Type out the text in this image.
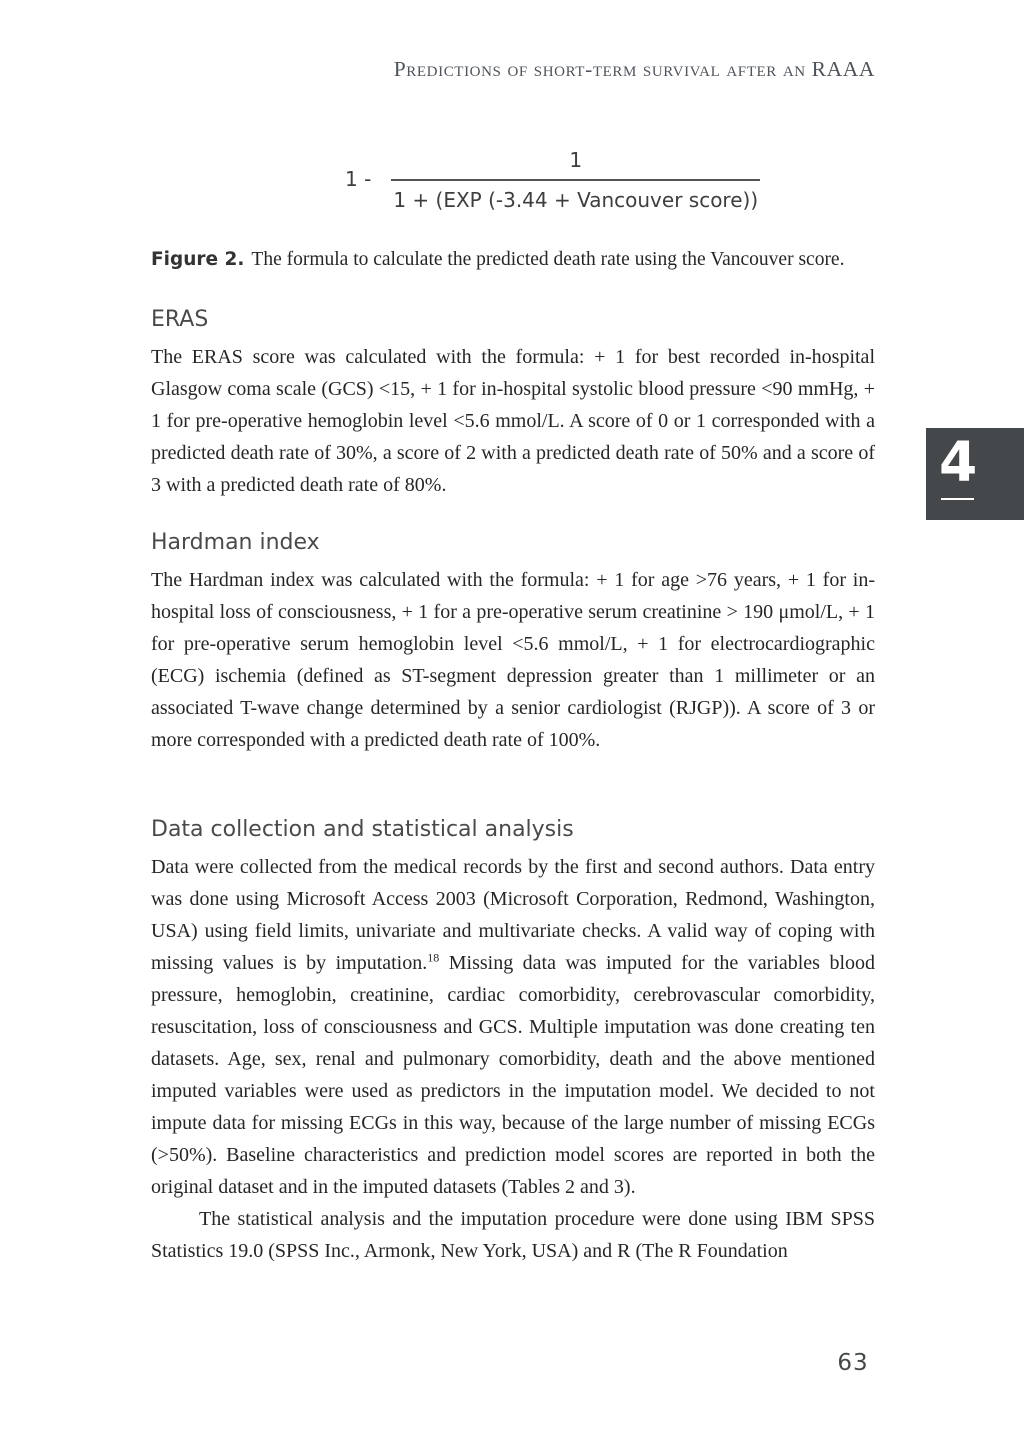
Predictions of short-term survival after an RAAA
$1 - \frac{1}{\text{1 + (EXP (-3.44 + Vancouver score))}}$
Figure 2. The formula to calculate the predicted death rate using the Vancouver score.
ERAS

The ERAS score was calculated with the formula: + 1 for best recorded in-hospital Glasgow coma scale (GCS) <15, + 1 for in-hospital systolic blood pressure <90 mmHg, + 1 for pre-operative hemoglobin level <5.6 mmol/L. A score of 0 or 1 corresponded with a predicted death rate of 30%, a score of 2 with a predicted death rate of 50% and a score of 3 with a predicted death rate of 80%.

Hardman index

The Hardman index was calculated with the formula: + 1 for age >76 years, + 1 for in-hospital loss of consciousness, + 1 for a pre-operative serum creatinine > 190 μmol/L, + 1 for pre-operative serum hemoglobin level <5.6 mmol/L, + 1 for electrocardiographic (ECG) ischemia (defined as ST-segment depression greater than 1 millimeter or an associated T-wave change determined by a senior cardiologist (RJGP)). A score of 3 or more corresponded with a predicted death rate of 100%.

Data collection and statistical analysis

Data were collected from the medical records by the first and second authors. Data entry was done using Microsoft Access 2003 (Microsoft Corporation, Redmond, Washington, USA) using field limits, univariate and multivariate checks. A valid way of coping with missing values is by imputation.$^{18}$ Missing data was imputed for the variables blood pressure, hemoglobin, creatinine, cardiac comorbidity, cerebrovascular comorbidity, resuscitation, loss of consciousness and GCS. Multiple imputation was done creating ten datasets. Age, sex, renal and pulmonary comorbidity, death and the above mentioned imputed variables were used as predictors in the imputation model. We decided to not impute data for missing ECGs in this way, because of the large number of missing ECGs (>50%). Baseline characteristics and prediction model scores are reported in both the original dataset and in the imputed datasets (Tables 2 and 3).

The statistical analysis and the imputation procedure were done using IBM SPSS Statistics 19.0 (SPSS Inc., Armonk, New York, USA) and R (The R Foundation

4
63
